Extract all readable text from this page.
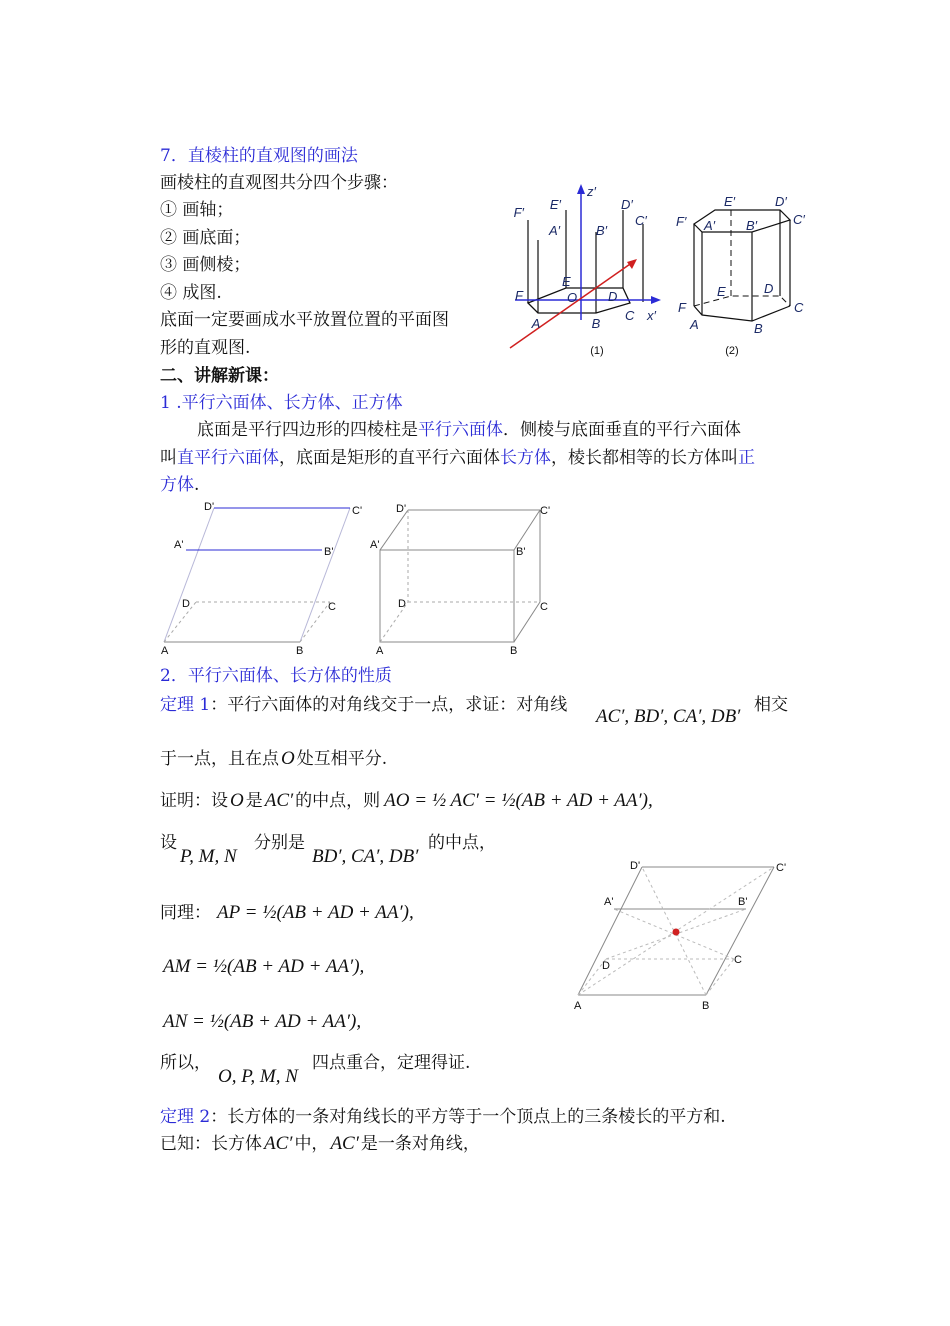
7．直棱柱的直观图的画法
画棱柱的直观图共分四个步骤：
① 画轴；
② 画底面；
③ 画侧棱；
④ 成图.
底面一定要画成水平放置位置的平面图
形的直观图.
F′
E′	D′
C′
A′	B′
z′
F
E
O D
A	B
C x′
(1)
E′	D′
F′ A′ B′	C′
E	D
F	C
A	B
(2)
二、讲解新课：
1 .平行六面体、长方体、正方体
底面是平行四边形的四棱柱是平行六面体．侧棱与底面垂直的平行六面体
叫直平行六面体，底面是矩形的直平行六面体长方体，棱长都相等的长方体叫正
方体.
D'	C'
A'
B'
D	C
A	B
D'	C'
A'
B'
D	C
A	B
2．平行六面体、长方体的性质
定理 1：平行六面体的对角线交于一点，求证：对角线
AC′, BD′, CA′, DB′
相交
于一点，且在点 O 处互相平分.
证明：设 O 是 AC′ 的中点，则 AO = ½ AC′ = ½(AB + AD + AA′),
设
P, M, N
分别是
BD′, CA′, DB′
的中点，
同理： AP = ½(AB + AD + AA′),
AM = ½(AB + AD + AA′),
AN = ½(AB + AD + AA′),
所以，
O, P, M, N
四点重合，定理得证.
D'	C'
A'	B'
D	C
A	B
定理 2：长方体的一条对角线长的平方等于一个顶点上的三条棱长的平方和.
已知：长方体 AC′ 中， AC′ 是一条对角线，
